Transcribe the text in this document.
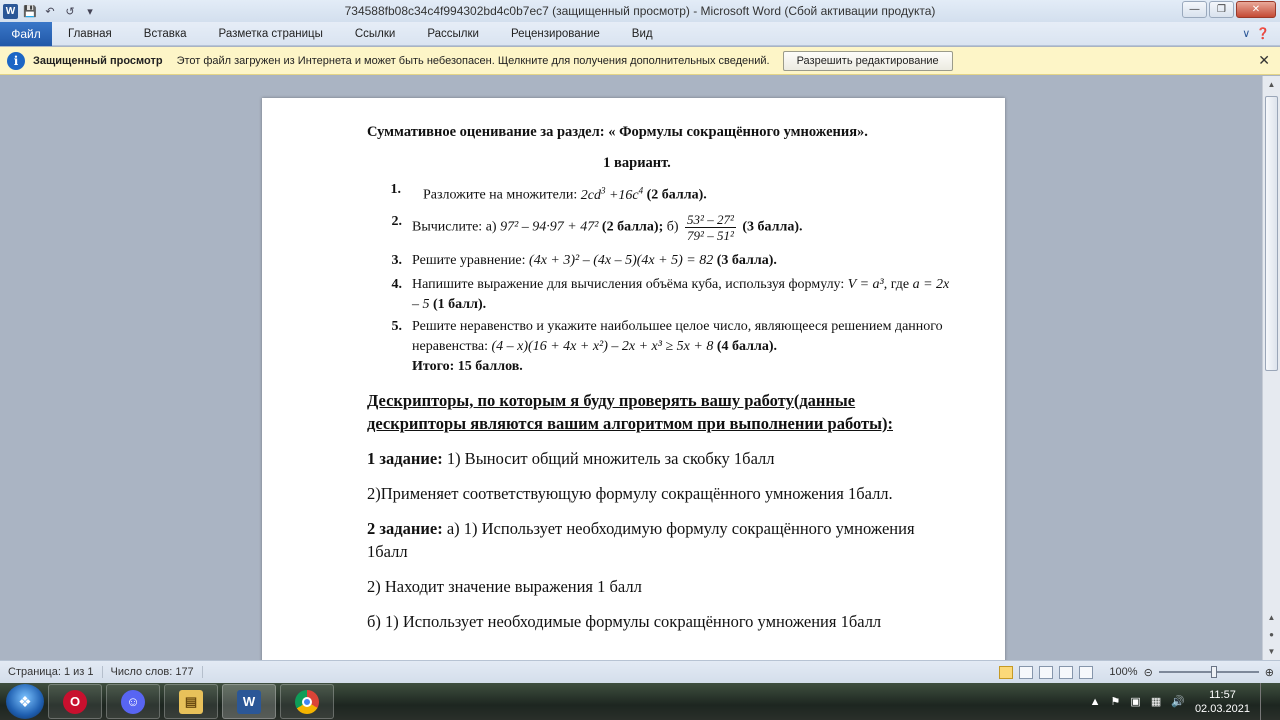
W 💾 ↶ ↺	▾	734588fb08c34c4f994302bd4c0b7ec7 (защищенный просмотр) - Microsoft Word (Сбой активации продукта)	—	❐	✕
Файл	Главная	Вставка	Разметка страницы	Ссылки	Рассылки	Рецензирование	Вид	∨ ❓
i	Защищенный просмотр Этот файл загружен из Интернета и может быть небезопасен. Щелкните для получения дополнительных сведений.	Разрешить редактирование	✕
Суммативное оценивание за раздел: « Формулы сокращённого умножения».
1 вариант.
1.	Разложите на множители: $2cd^3 +16c^4$ (2 балла).
2. Вычислите: а) 97² – 94·97 + 47² (2 балла); $б) \frac{\text{53² – 27²}}{\text{79² – 51²}} (3$ балла).
3. Решите уравнение: (4x + 3)² – (4x – 5)(4x + 5) = 82 (3 балла).
4. Напишите выражение для вычисления объёма куба, используя формулу: V = a³, где a = 2x – 5 (1 балл).
5. Решите неравенство и укажите наибольшее целое число, являющееся решением данного неравенства: (4 – x)(16 + 4x + x²) – 2x + x³ ≥ 5x + 8 (4 балла).
Итого: 15 баллов.
Дескрипторы, по которым я буду проверять вашу работу(данные дескрипторы являются вашим алгоритмом при выполнении работы):
1 задание: 1) Выносит общий множитель за скобку 1балл
2)Применяет соответствующую формулу сокращённого умножения 1балл.
2 задание: а) 1) Использует необходимую формулу сокращённого умножения 1балл
2) Находит значение выражения 1 балл
б) 1) Использует необходимые формулы сокращённого умножения 1балл
▲
▲
●
▼
Страница: 1 из 1	Число слов: 177	100% ⊝	⊕
❖	O	☺	▤	W	▲ ⚑ ▣ ▦ 🔊
11:57
02.03.2021
